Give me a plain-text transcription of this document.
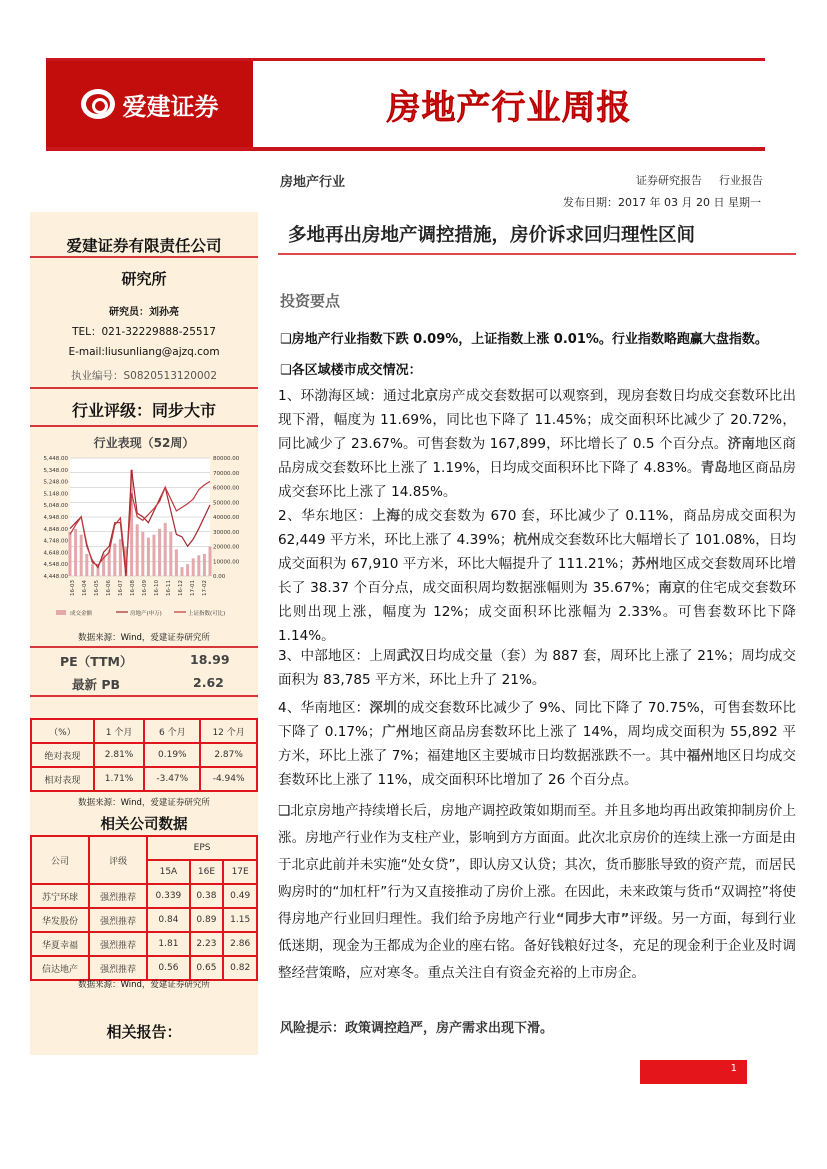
爱建证券	房地产行业周报
房地产行业	证券研究报告 行业报告
发布日期：2017 年 03 月 20 日 星期一
多地再出房地产调控措施，房价诉求回归理性区间
爱建证券有限责任公司
研究所
研究员：刘孙亮
TEL：021-32229888-25517
E-mail:liusunliang@ajzq.com
执业编号：S0820513120002
行业评级：同步大市
行业表现（52周）
80000.00
70000.00
60000.00
50000.00
40000.00
30000.00
20000.00
10000.00
0.00
5,448.00
5,348.00
5,248.00
5,148.00
5,048.00
4,948.00
4,848.00
4,748.00
4,648.00
4,548.00
4,448.00
16-03 16-04 16-05 16-06 16-07 16-08 16-09 16-10 16-11 16-12 17-01 17-02
成交金额	房地产(申万)	上证指数(可比)
数据来源：Wind，爱建证券研究所
PE（TTM）	18.99
最新 PB	2.62
（%）	1 个月	6 个月	12 个月
绝对表现	2.81%	0.19%	2.87%
相对表现	1.71%	-3.47%	-4.94%
数据来源：Wind，爱建证券研究所
相关公司数据
公司	评级	EPS		
		15A	16E	17E
苏宁环球	强烈推荐	0.339	0.38	0.49
华发股份	强烈推荐	0.84	0.89	1.15
华夏幸福	强烈推荐	1.81	2.23	2.86
信达地产	强烈推荐	0.56	0.65	0.82
数据来源：Wind，爱建证券研究所
相关报告：
投资要点
❑房地产行业指数下跌 0.09%，上证指数上涨 0.01%。行业指数略跑赢大盘指数。
❑各区域楼市成交情况：
1、环渤海区域：通过北京房产成交套数据可以观察到，现房套数日均成交套数环比出现下滑，幅度为 11.69%，同比也下降了 11.45%；成交面积环比减少了 20.72%，同比减少了 23.67%。可售套数为 167,899，环比增长了 0.5 个百分点。济南地区商品房成交套数环比上涨了 1.19%，日均成交面积环比下降了 4.83%。青岛地区商品房成交套环比上涨了 14.85%。
2、华东地区：上海的成交套数为 670 套，环比减少了 0.11%，商品房成交面积为 62,449 平方米，环比上涨了 4.39%；杭州成交套数环比大幅增长了 101.08%，日均成交面积为 67,910 平方米，环比大幅提升了 111.21%；苏州地区成交套数周环比增长了 38.37 个百分点，成交面积周均数据涨幅则为 35.67%；南京的住宅成交套数环比则出现上涨，幅度为 12%；成交面积环比涨幅为 2.33%。可售套数环比下降 1.14%。
3、中部地区：上周武汉日均成交量（套）为 887 套，周环比上涨了 21%；周均成交面积为 83,785 平方米，环比上升了 21%。
4、华南地区：深圳的成交套数环比减少了 9%、同比下降了 70.75%，可售套数环比下降了 0.17%；广州地区商品房套数环比上涨了 14%，周均成交面积为 55,892 平方米，环比上涨了 7%；福建地区主要城市日均数据涨跌不一。其中福州地区日均成交套数环比上涨了 11%，成交面积环比增加了 26 个百分点。
❑北京房地产持续增长后，房地产调控政策如期而至。并且多地均再出政策抑制房价上涨。房地产行业作为支柱产业，影响到方方面面。此次北京房价的连续上涨一方面是由于北京此前并未实施“处女贷”，即认房又认贷；其次，货币膨胀导致的资产荒，而居民购房时的“加杠杆”行为又直接推动了房价上涨。在因此，未来政策与货币“双调控”将使得房地产行业回归理性。我们给予房地产行业“同步大市”评级。另一方面，每到行业低迷期，现金为王都成为企业的座右铭。备好钱粮好过冬，充足的现金利于企业及时调整经营策略，应对寒冬。重点关注自有资金充裕的上市房企。
风险提示：政策调控趋严，房产需求出现下滑。
1
